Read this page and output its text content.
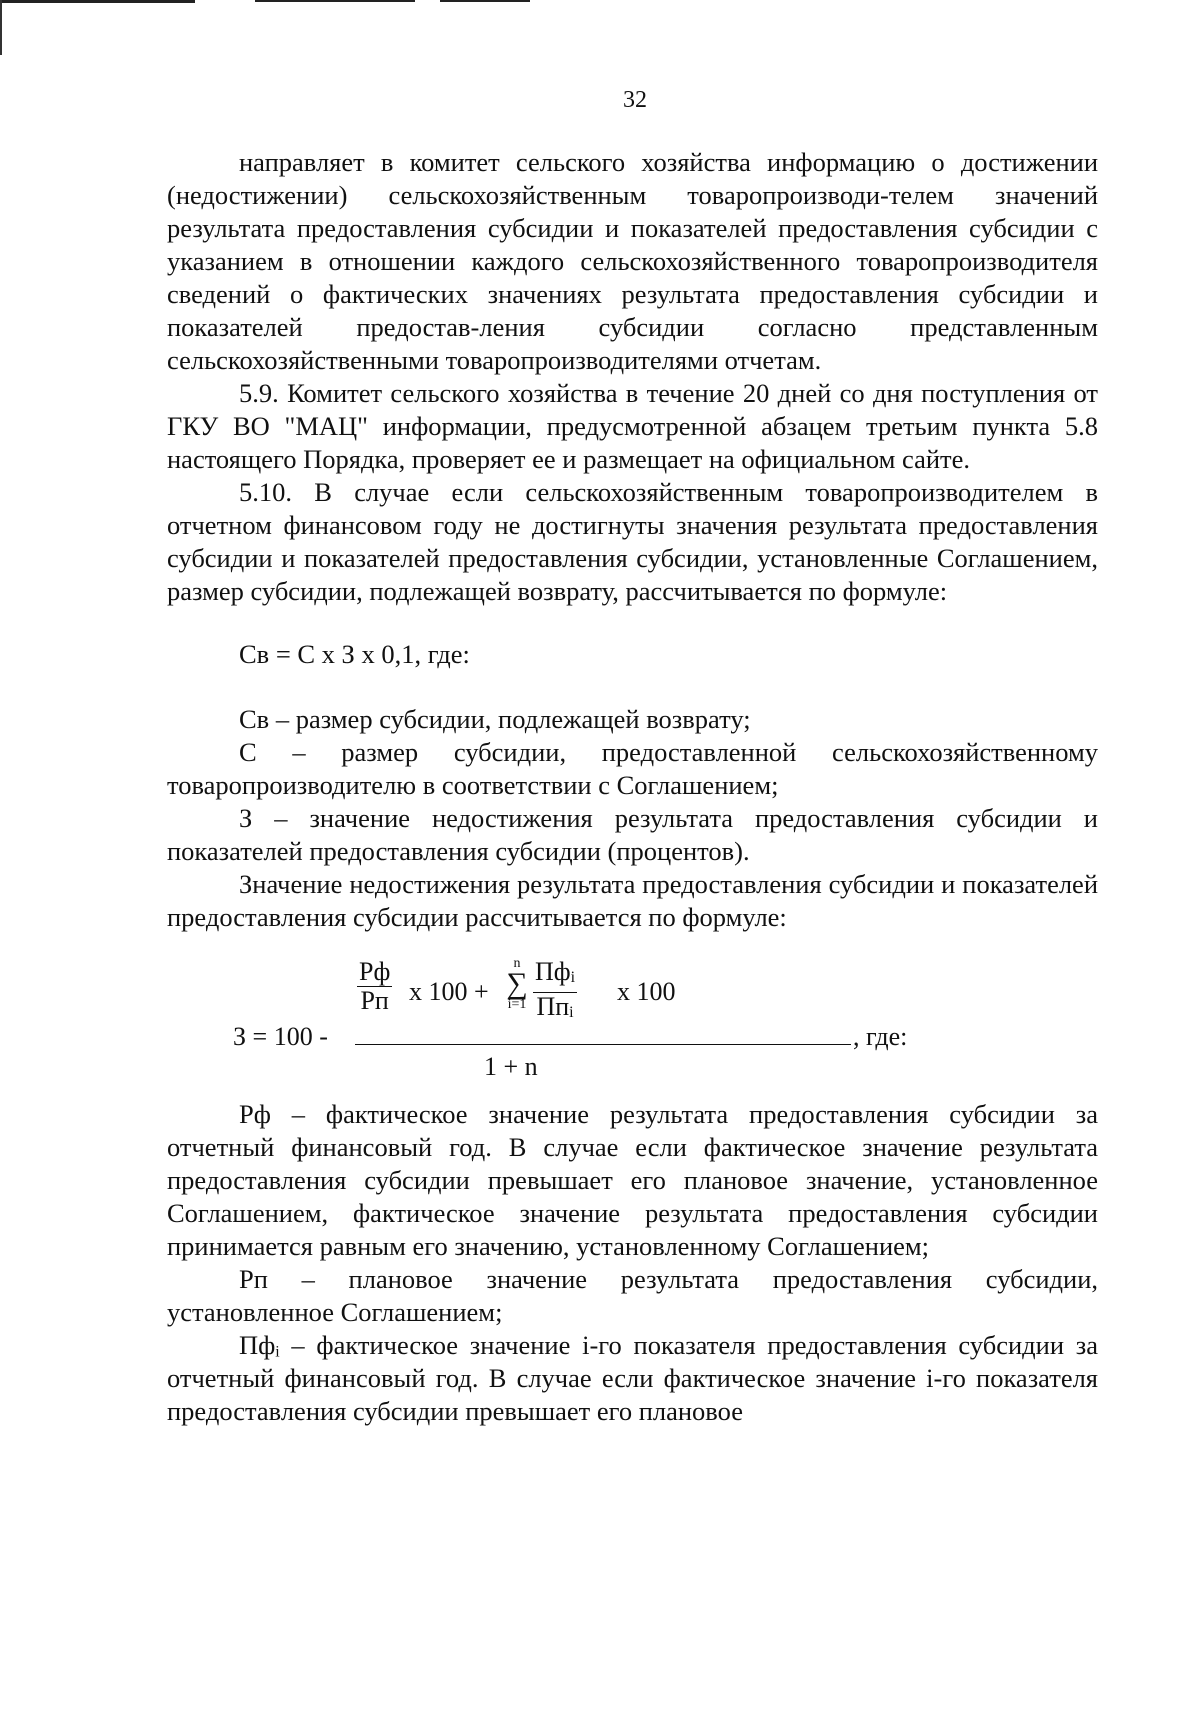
32

направляет в комитет сельского хозяйства информацию о достижении (недостижении) сельскохозяйственным товаропроизводи-телем значений результата предоставления субсидии и показателей предоставления субсидии с указанием в отношении каждого сельскохозяйственного товаропроизводителя сведений о фактических значениях результата предоставления субсидии и показателей предостав-ления субсидии согласно представленным сельскохозяйственными товаропроизводителями отчетам.

5.9. Комитет сельского хозяйства в течение 20 дней со дня поступления от ГКУ ВО "МАЦ" информации, предусмотренной абзацем третьим пункта 5.8 настоящего Порядка, проверяет ее и размещает на официальном сайте.

5.10. В случае если сельскохозяйственным товаропроизводителем в отчетном финансовом году не достигнуты значения результата предоставления субсидии и показателей предоставления субсидии, установленные Соглашением, размер субсидии, подлежащей возврату, рассчитывается по формуле:

Св = С х З х 0,1, где:

Св – размер субсидии, подлежащей возврату;

С – размер субсидии, предоставленной сельскохозяйственному товаропроизводителю в соответствии с Соглашением;

З – значение недостижения результата предоставления субсидии и показателей предоставления субсидии (процентов).

Значение недостижения результата предоставления субсидии и показателей предоставления субсидии рассчитывается по формуле:

З = 100 -
Рф
Рп х 100 +
n
∑
i=1
Пфi
Ппi
х 100
, где:
1 + n

Рф – фактическое значение результата предоставления субсидии за отчетный финансовый год. В случае если фактическое значение результата предоставления субсидии превышает его плановое значение, установленное Соглашением, фактическое значение результата предоставления субсидии принимается равным его значению, установленному Соглашением;

Рп – плановое значение результата предоставления субсидии, установленное Соглашением;

Пфᵢ – фактическое значение i-го показателя предоставления субсидии за отчетный финансовый год. В случае если фактическое значение i-го показателя предоставления субсидии превышает его плановое
